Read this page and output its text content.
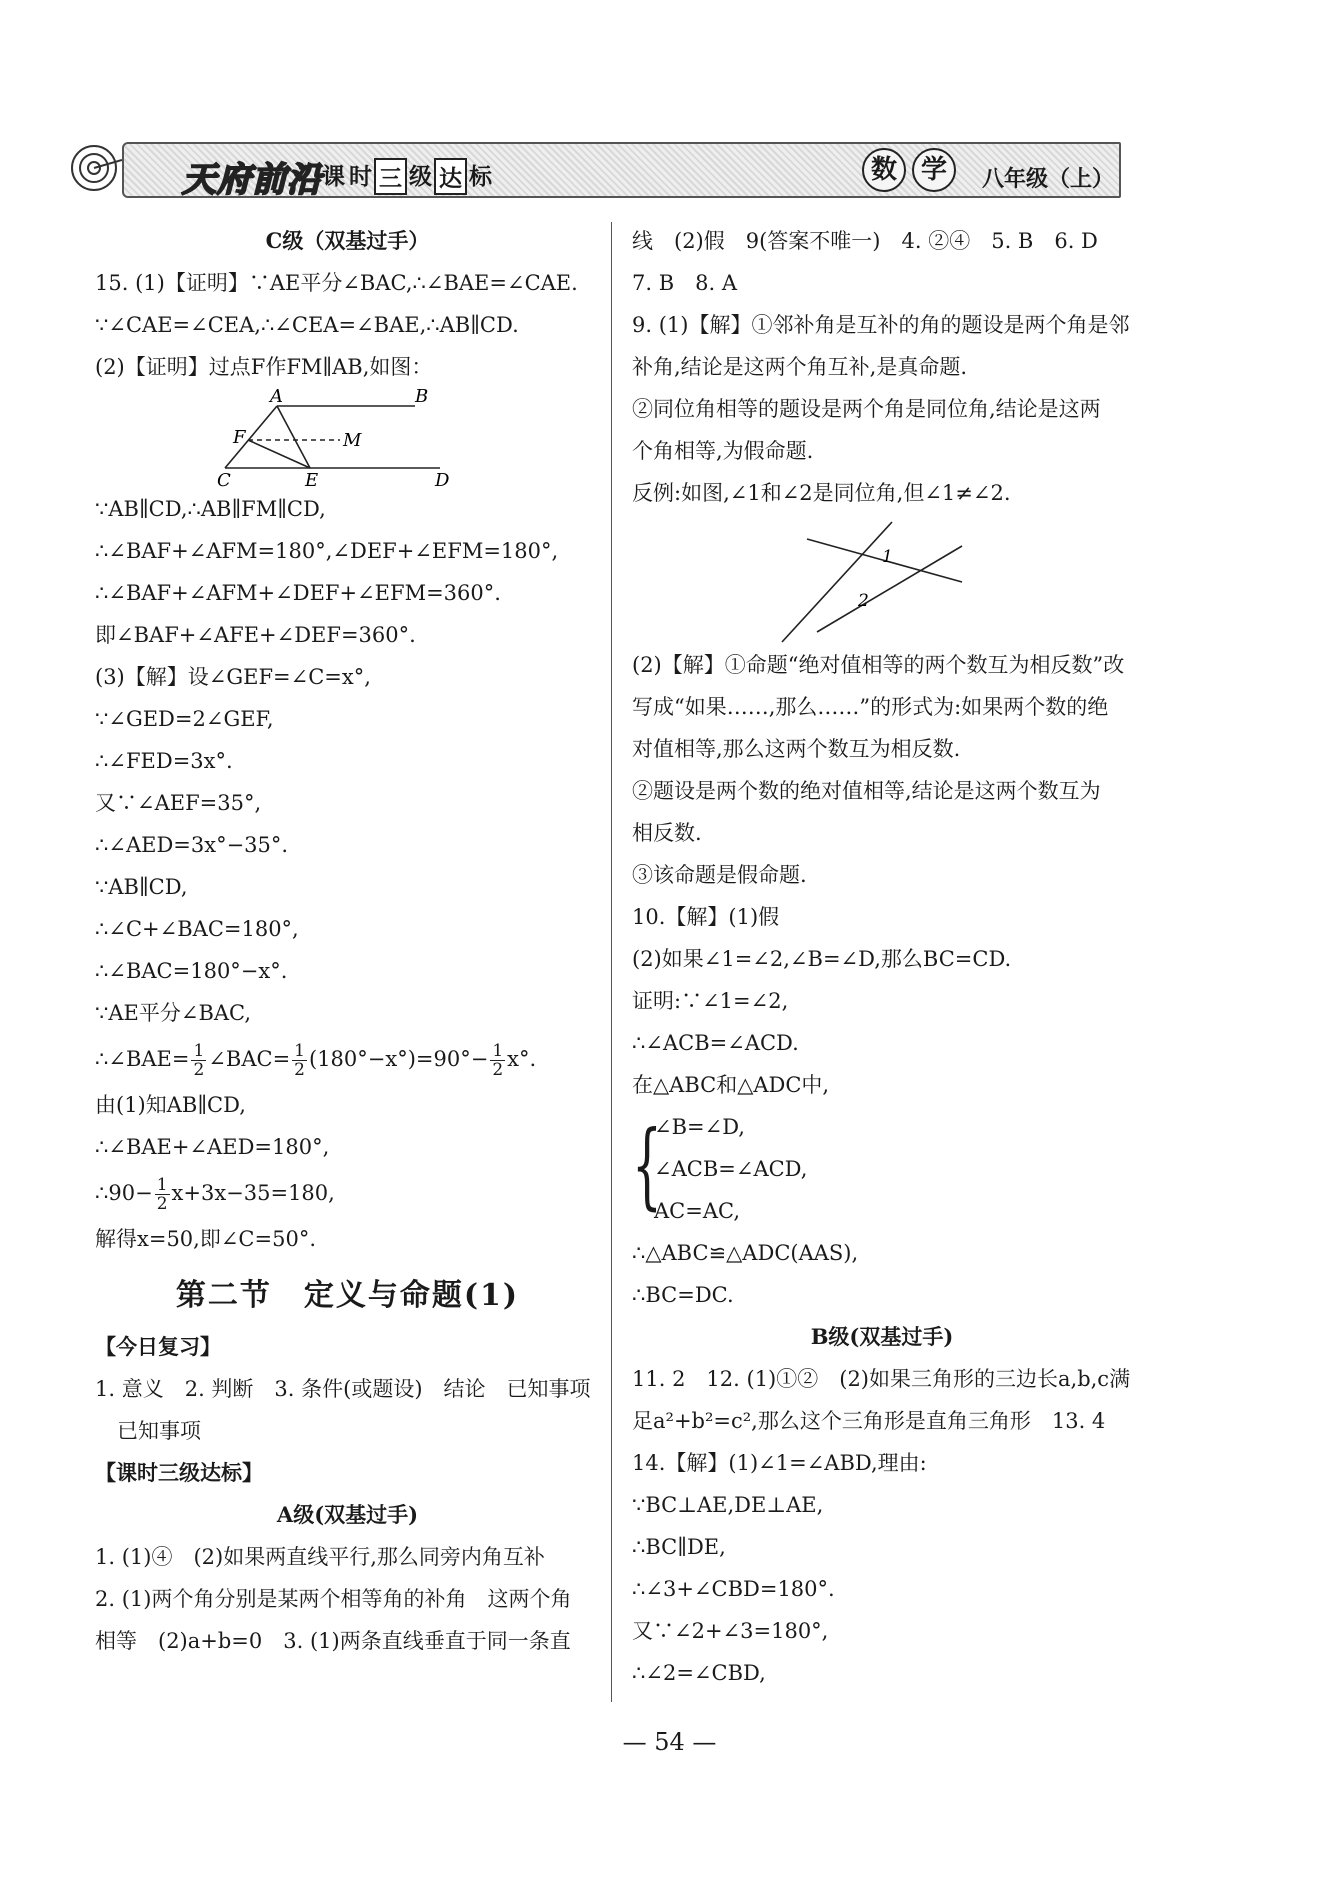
天府前沿 课 时 三 级 达 标	数 学	八年级（上）
C级（双基过手）
15. (1)【证明】∵AE平分∠BAC,∴∠BAE=∠CAE.
∵∠CAE=∠CEA,∴∠CEA=∠BAE,∴AB∥CD.
(2)【证明】过点F作FM∥AB,如图：
A	B
F	M
C	E	D
∵AB∥CD,∴AB∥FM∥CD,
∴∠BAF+∠AFM=180°,∠DEF+∠EFM=180°,
∴∠BAF+∠AFM+∠DEF+∠EFM=360°.
即∠BAF+∠AFE+∠DEF=360°.
(3)【解】设∠GEF=∠C=x°,
∵∠GED=2∠GEF,
∴∠FED=3x°.
又∵∠AEF=35°,
∴∠AED=3x°−35°.
∵AB∥CD,
∴∠C+∠BAC=180°,
∴∠BAC=180°−x°.
∵AE平分∠BAC,
∴∠BAE= $\frac{1}{2}$ ∠BAC= $\frac{1}{2} (180^\circ-x^\circ)=90^\circ- \frac{1}{2} x^\circ$.
由(1)知AB∥CD,
∴∠BAE+∠AED=180°,
∴90− $\frac{1}{2} x+3x-35=180$,
解得x=50,即∠C=50°.
第二节　定义与命题(1)
【今日复习】
1. 意义　2. 判断　3. 条件(或题设)　结论　已知事项
已知事项
【课时三级达标】
A级(双基过手)
1. (1)④　(2)如果两直线平行,那么同旁内角互补
2. (1)两个角分别是某两个相等角的补角　这两个角
相等　(2)a+b=0　3. (1)两条直线垂直于同一条直
线　(2)假　9(答案不唯一)　4. ②④　5. B　6. D
7. B　8. A
9. (1)【解】①邻补角是互补的角的题设是两个角是邻
补角,结论是这两个角互补,是真命题.
②同位角相等的题设是两个角是同位角,结论是这两
个角相等,为假命题.
反例:如图,∠1和∠2是同位角,但∠1≠∠2.
1
2
(2)【解】①命题“绝对值相等的两个数互为相反数”改
写成“如果……,那么……”的形式为:如果两个数的绝
对值相等,那么这两个数互为相反数.
②题设是两个数的绝对值相等,结论是这两个数互为
相反数.
③该命题是假命题.
10.【解】(1)假
(2)如果∠1=∠2,∠B=∠D,那么BC=CD.
证明:∵∠1=∠2,
∴∠ACB=∠ACD.
在△ABC和△ADC中,
{
∠B=∠D,
∠ACB=∠ACD,
AC=AC,
∴△ABC≌△ADC(AAS),
∴BC=DC.
B级(双基过手)
11. 2　12. (1)①②　(2)如果三角形的三边长a,b,c满
足a²+b²=c²,那么这个三角形是直角三角形　13. 4
14.【解】(1)∠1=∠ABD,理由:
∵BC⊥AE,DE⊥AE,
∴BC∥DE,
∴∠3+∠CBD=180°.
又∵∠2+∠3=180°,
∴∠2=∠CBD,
— 54 —
